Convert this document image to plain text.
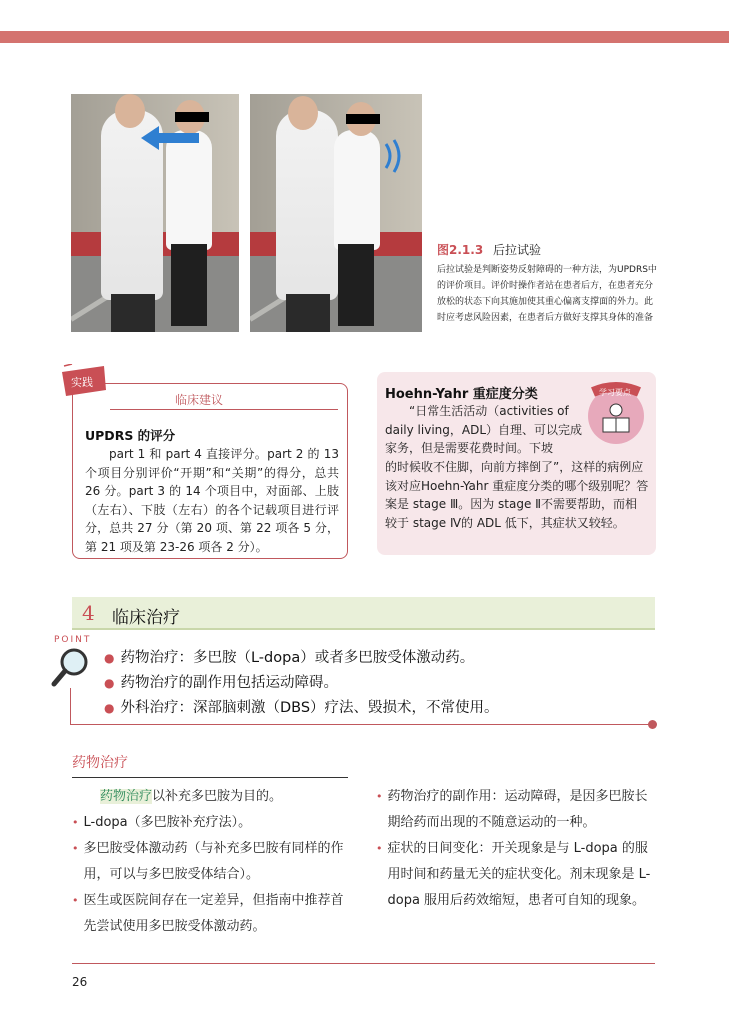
图2.1.3 后拉试验
后拉试验是判断姿势反射障碍的一种方法，为UPDRS中的评价项目。评价时操作者站在患者后方，在患者充分放松的状态下向其施加使其重心偏离支撑面的外力。此时应考虑风险因素，在患者后方做好支撑其身体的准备
实践
临床建议
UPDRS 的评分
part 1 和 part 4 直接评分。part 2 的 13 个项目分别评价“开期”和“关期”的得分，总共 26 分。part 3 的 14 个项目中，对面部、上肢（左右）、下肢（左右）的各个记载项目进行评分，总共 27 分（第 20 项、第 22 项各 5 分，第 21 项及第 23-26 项各 2 分）。
Hoehn-Yahr 重症度分类
“日常生活活动（activities of daily living，ADL）自理、可以完成家务，但是需要花费时间。下坡
的时候收不住脚，向前方摔倒了”，这样的病例应该对应Hoehn-Yahr 重症度分类的哪个级别呢？答案是 stage Ⅲ。因为 stage Ⅱ不需要帮助，而相较于 stage Ⅳ的 ADL 低下，其症状又较轻。
学习要点
4 临床治疗
POINT
● 药物治疗：多巴胺（L-dopa）或者多巴胺受体激动药。
● 药物治疗的副作用包括运动障碍。
● 外科治疗：深部脑刺激（DBS）疗法、毁损术，不常使用。
药物治疗
药物治疗以补充多巴胺为目的。
• L-dopa（多巴胺补充疗法）。
• 多巴胺受体激动药（与补充多巴胺有同样的作用，可以与多巴胺受体结合）。
• 医生或医院间存在一定差异，但指南中推荐首先尝试使用多巴胺受体激动药。
• 药物治疗的副作用：运动障碍，是因多巴胺长期给药而出现的不随意运动的一种。
• 症状的日间变化：开关现象是与 L-dopa 的服用时间和药量无关的症状变化。剂末现象是 L-dopa 服用后药效缩短，患者可自知的现象。
26
